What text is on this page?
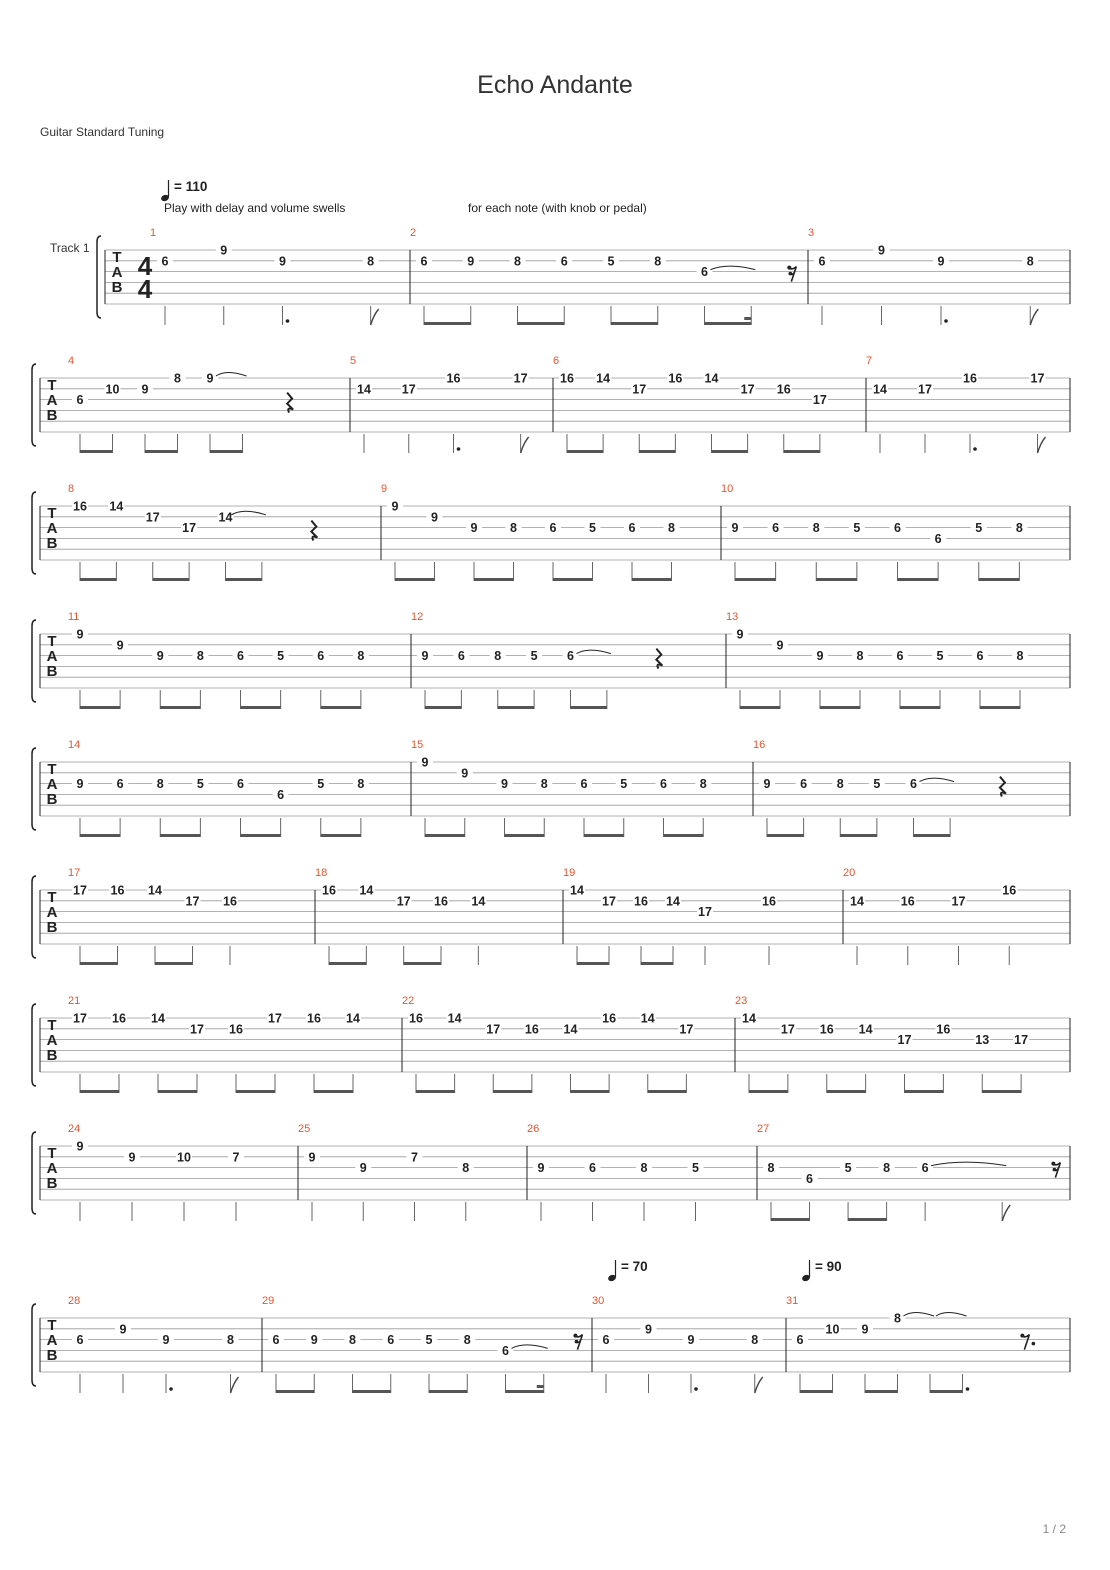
Echo Andante
Guitar Standard Tuning
1 / 2
T
A
B
Track 1
4
4
1
6
9
9	8
2
6	9	8	6	5	8
6
3
6
9
9	8
T
A
B
4
6
10 9
8 9
5
14 17
16	17
6
16 14
17
16 14
17 16
17
7
14 17
16	17
T
A
B
8
16 14
17
17
14
9
9
9
9	8	6	5	6	8
10
9	6	8	5	6
6
5	8
T
A
B
11
9
9
9	8	6	5	6	8
12
9 6 8 5 6
13
9
9
9	8	6	5	6	8
T
A
B
14
9	6	8	5	6
6
5	8
15
9
9
9	8	6	5	6	8
16
9 6 8 5 6
T
A
B
17
17 16 14
17 16
18
16 14
17 16 14
19
14
17 16 14
17
16
20
14	16	17
16
T
A
B
21
17 16 14
17 16
17 16 14
22
16 14
17 16 14
16 14
17
23
14
17 16 14
17
16
13 17
T
A
B
24
9
9	10	7
25
9
9
7
8
26
9	6	8	5
27
8
6
5	8	6
T
A
B
28
6
9
9	8
29
6	9	8	6	5	8
6
30
6
9
9	8
31
6
10 9
8
= 110
= 70	= 90
Play with delay and volume swells	for each note (with knob or pedal)
